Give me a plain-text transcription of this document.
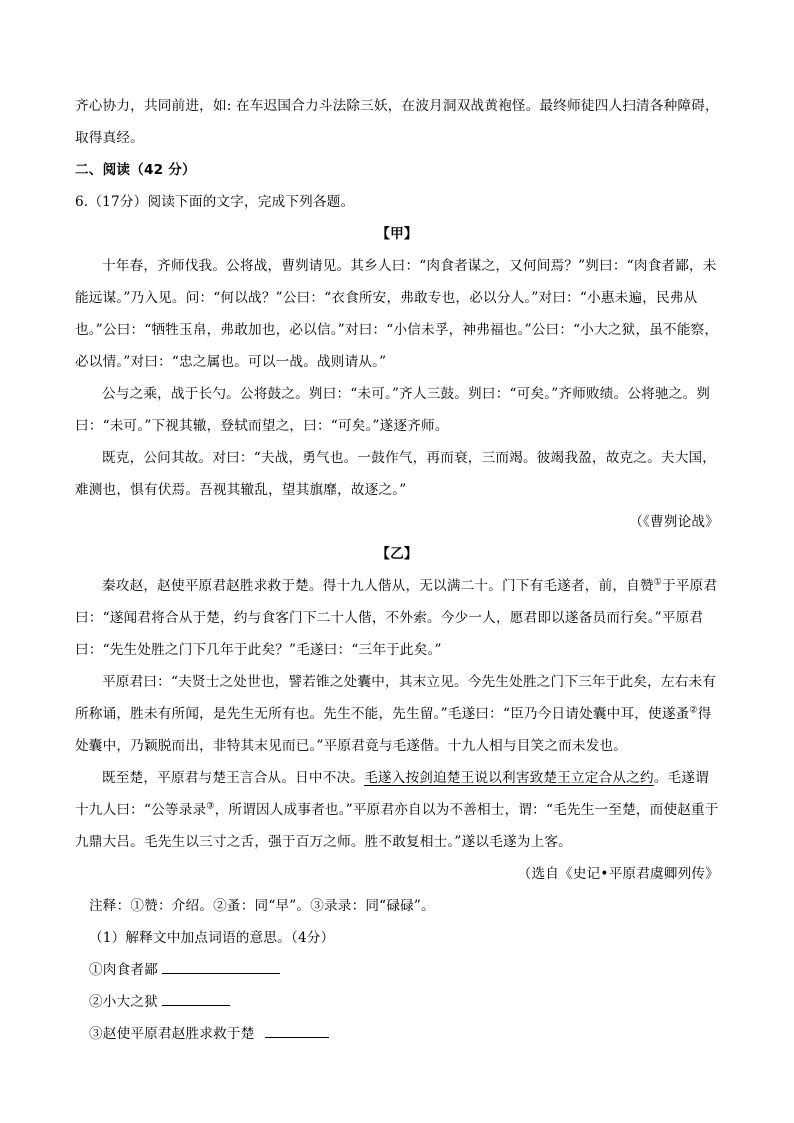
齐心协力，共同前进，如: 在车迟国合力斗法除三妖，在波月洞双战黄袍怪。最终师徒四人扫清各种障碍，

取得真经。

二、阅读（42 分）

6.（17分）阅读下面的文字，完成下列各题。

【甲】

十年春，齐师伐我。公将战，曹刿请见。其乡人曰：“肉食者谋之，又何间焉？”刿曰：“肉食者鄙，未能远谋。”乃入见。问：“何以战？”公曰：“衣食所安，弗敢专也，必以分人。”对曰：“小惠未遍，民弗从也。”公曰：“牺牲玉帛，弗敢加也，必以信。”对曰：“小信未孚，神弗福也。”公曰：“小大之狱，虽不能察，必以情。”对曰：“忠之属也。可以一战。战则请从。”

公与之乘，战于长勺。公将鼓之。刿曰：“未可。”齐人三鼓。刿曰：“可矣。”齐师败绩。公将驰之。刿曰：“未可。”下视其辙，登轼而望之，曰：“可矣。”遂逐齐师。

既克，公问其故。对曰：“夫战，勇气也。一鼓作气，再而衰，三而竭。彼竭我盈，故克之。夫大国，难测也，惧有伏焉。吾视其辙乱，望其旗靡，故逐之。”

（《曹刿论战》

【乙】

秦攻赵，赵使平原君赵胜求救于楚。得十九人偕从，无以满二十。门下有毛遂者，前，自赞①于平原君曰：“遂闻君将合从于楚，约与食客门下二十人偕，不外索。今少一人，愿君即以遂备员而行矣。”平原君曰：“先生处胜之门下几年于此矣？”毛遂曰：“三年于此矣。”

平原君曰：“夫贤士之处世也，譬若锥之处囊中，其末立见。今先生处胜之门下三年于此矣，左右未有所称诵，胜未有所闻，是先生无所有也。先生不能，先生留。”毛遂曰：“臣乃今日请处囊中耳，使遂蚤②得处囊中，乃颖脱而出，非特其末见而已。”平原君竟与毛遂偕。十九人相与目笑之而未发也。

既至楚，平原君与楚王言合从。日中不决。毛遂入按剑迫楚王说以利害致楚王立定合从之约。毛遂谓十九人曰：“公等录录③，所谓因人成事者也。”平原君亦自以为不善相士，谓：“毛先生一至楚，而使赵重于九鼎大吕。毛先生以三寸之舌，强于百万之师。胜不敢复相士。”遂以毛遂为上客。

（选自《史记•平原君虞卿列传》

注释：①赞：介绍。②蚤：同“早”。③录录：同“碌碌”。

（1）解释文中加点词语的意思。（4分）

①肉食者鄙

②小大之狱

③赵使平原君赵胜求救于楚
